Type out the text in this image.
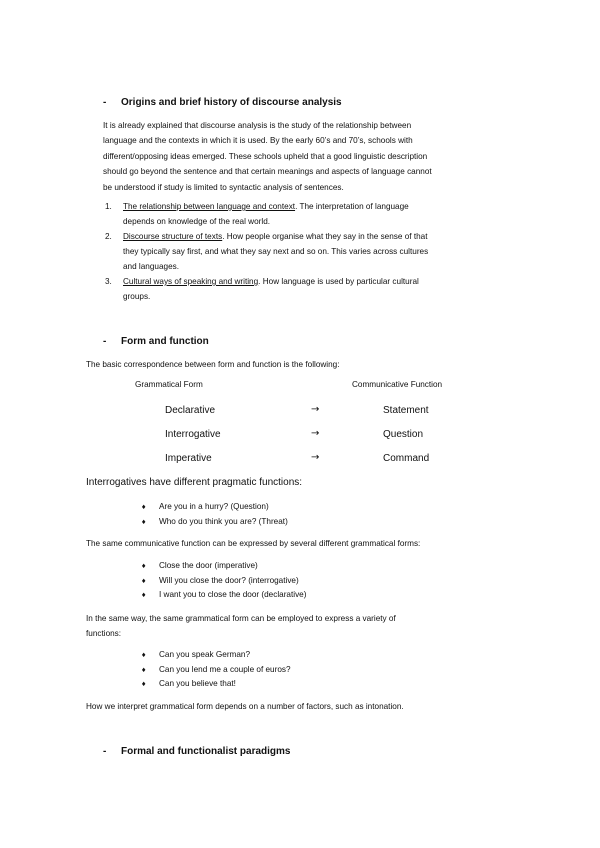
- Origins and brief history of discourse analysis
It is already explained that discourse analysis is the study of the relationship between
language and the contexts in which it is used. By the early 60’s and 70’s, schools with
different/opposing ideas emerged. These schools upheld that a good linguistic description
should go beyond the sentence and that certain meanings and aspects of language cannot
be understood if study is limited to syntactic analysis of sentences.
1. The relationship between language and context. The interpretation of language
depends on knowledge of the real world.
2. Discourse structure of texts. How people organise what they say in the sense of that
they typically say first, and what they say next and so on. This varies across cultures
and languages.
3. Cultural ways of speaking and writing. How language is used by particular cultural
groups.
- Form and function
The basic correspondence between form and function is the following:
Grammatical Form	Communicative Function
Declarative	→	Statement
Interrogative	→	Question
Imperative	→	Command
Interrogatives have different pragmatic functions:
♦ Are you in a hurry? (Question)
♦ Who do you think you are? (Threat)
The same communicative function can be expressed by several different grammatical forms:
♦ Close the door (imperative)
♦ Will you close the door? (interrogative)
♦ I want you to close the door (declarative)
In the same way, the same grammatical form can be employed to express a variety of
functions:
♦ Can you speak German?
♦ Can you lend me a couple of euros?
♦ Can you believe that!
How we interpret grammatical form depends on a number of factors, such as intonation.
- Formal and functionalist paradigms
